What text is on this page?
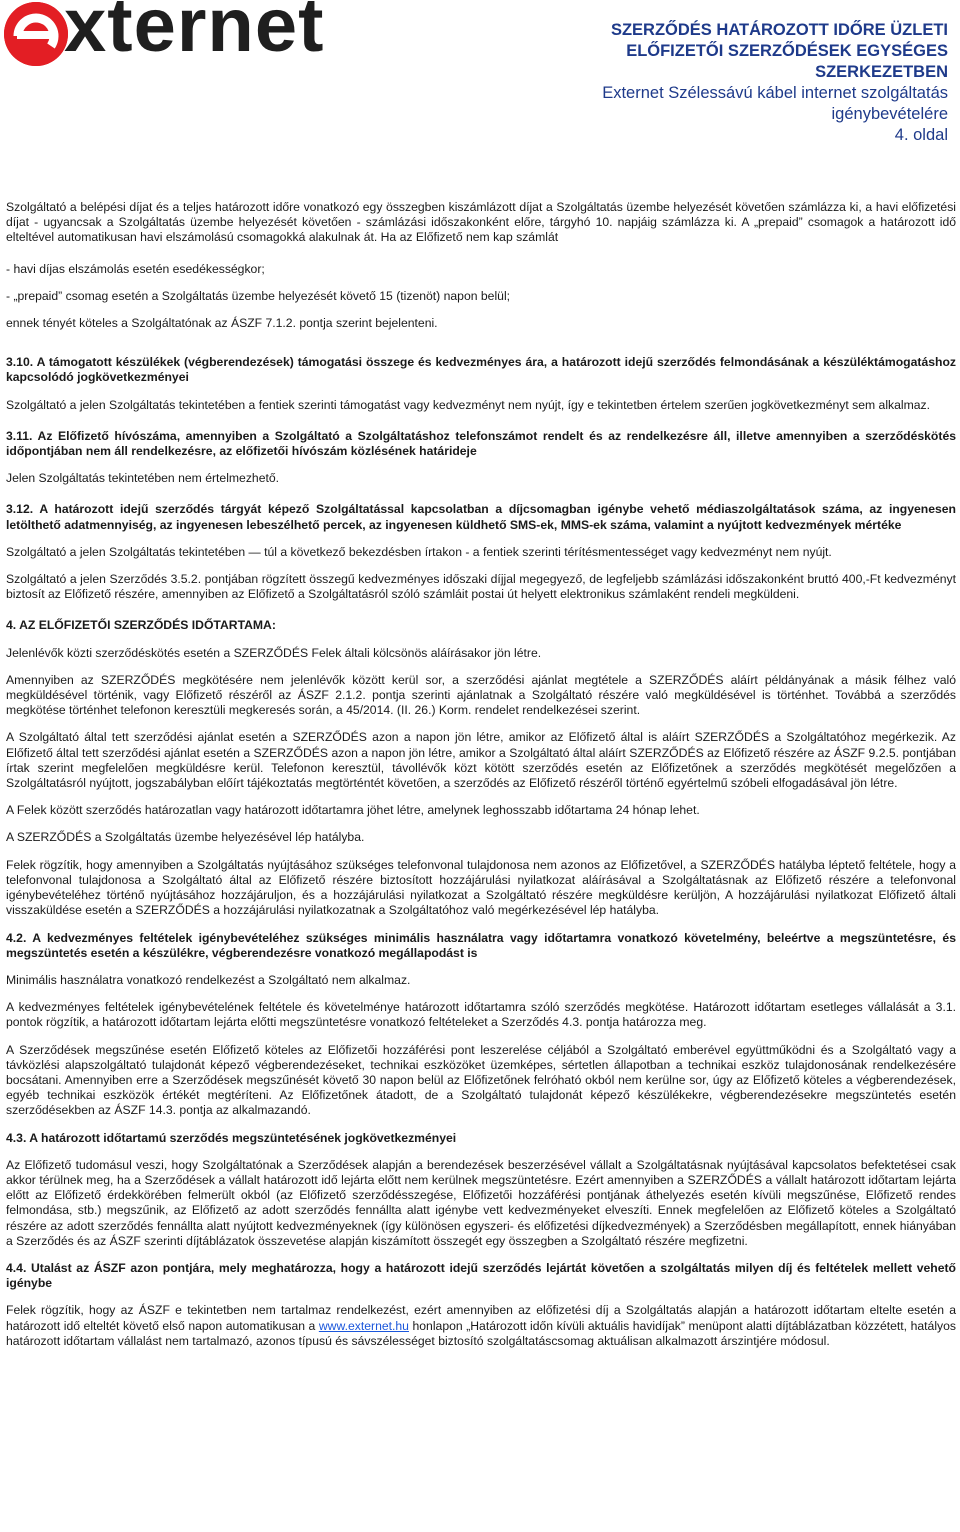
xternet	SZERZŐDÉS HATÁROZOTT IDŐRE ÜZLETI
ELŐFIZETŐI SZERZŐDÉSEK EGYSÉGES
SZERKEZETBEN
Externet Szélessávú kábel internet szolgáltatás
igénybevételére
4. oldal

Szolgáltató a belépési díjat és a teljes határozott időre vonatkozó egy összegben kiszámlázott díjat a Szolgáltatás üzembe helyezését követően számlázza ki, a havi előfizetési díjat - ugyancsak a Szolgáltatás üzembe helyezését követően - számlázási időszakonként előre, tárgyhó 10. napjáig számlázza ki. A „prepaid” csomagok a határozott idő elteltével automatikusan havi elszámolású csomagokká alakulnak át. Ha az Előfizető nem kap számlát

- havi díjas elszámolás esetén esedékességkor;

- „prepaid” csomag esetén a Szolgáltatás üzembe helyezését követő 15 (tizenöt) napon belül;

ennek tényét köteles a Szolgáltatónak az ÁSZF 7.1.2. pontja szerint bejelenteni.

3.10. A támogatott készülékek (végberendezések) támogatási összege és kedvezményes ára, a határozott idejű szerződés felmondásának a készüléktámogatáshoz kapcsolódó jogkövetkezményei

Szolgáltató a jelen Szolgáltatás tekintetében a fentiek szerinti támogatást vagy kedvezményt nem nyújt, így e tekintetben értelem szerűen jogkövetkezményt sem alkalmaz.

3.11. Az Előfizető hívószáma, amennyiben a Szolgáltató a Szolgáltatáshoz telefonszámot rendelt és az rendelkezésre áll, illetve amennyiben a szerződéskötés időpontjában nem áll rendelkezésre, az előfizetői hívószám közlésének határideje

Jelen Szolgáltatás tekintetében nem értelmezhető.

3.12. A határozott idejű szerződés tárgyát képező Szolgáltatással kapcsolatban a díjcsomagban igénybe vehető médiaszolgáltatások száma, az ingyenesen letölthető adatmennyiség, az ingyenesen lebeszélhető percek, az ingyenesen küldhető SMS-ek, MMS-ek száma, valamint a nyújtott kedvezmények mértéke

Szolgáltató a jelen Szolgáltatás tekintetében — túl a következő bekezdésben írtakon - a fentiek szerinti térítésmentességet vagy kedvezményt nem nyújt.

Szolgáltató a jelen Szerződés 3.5.2. pontjában rögzített összegű kedvezményes időszaki díjjal megegyező, de legfeljebb számlázási időszakonként bruttó 400,-Ft kedvezményt biztosít az Előfizető részére, amennyiben az Előfizető a Szolgáltatásról szóló számláit postai út helyett elektronikus számlaként rendeli megküldeni.

4. AZ ELŐFIZETŐI SZERZŐDÉS IDŐTARTAMA:

Jelenlévők közti szerződéskötés esetén a SZERZŐDÉS Felek általi kölcsönös aláírásakor jön létre.

Amennyiben az SZERZŐDÉS megkötésére nem jelenlévők között kerül sor, a szerződési ajánlat megtétele a SZERZŐDÉS aláírt példányának a másik félhez való megküldésével történik, vagy Előfizető részéről az ÁSZF 2.1.2. pontja szerinti ajánlatnak a Szolgáltató részére való megküldésével is történhet. Továbbá a szerződés megkötése történhet telefonon keresztüli megkeresés során, a 45/2014. (II. 26.) Korm. rendelet rendelkezései szerint.

A Szolgáltató által tett szerződési ajánlat esetén a SZERZŐDÉS azon a napon jön létre, amikor az Előfizető által is aláírt SZERZŐDÉS a Szolgáltatóhoz megérkezik. Az Előfizető által tett szerződési ajánlat esetén a SZERZŐDÉS azon a napon jön létre, amikor a Szolgáltató által aláírt SZERZŐDÉS az Előfizető részére az ÁSZF 9.2.5. pontjában írtak szerint megfelelően megküldésre kerül. Telefonon keresztül, távollévők közt kötött szerződés esetén az Előfizetőnek a szerződés megkötését megelőzően a Szolgáltatásról nyújtott, jogszabályban előírt tájékoztatás megtörténtét követően, a szerződés az Előfizető részéről történő egyértelmű szóbeli elfogadásával jön létre.

A Felek között szerződés határozatlan vagy határozott időtartamra jöhet létre, amelynek leghosszabb időtartama 24 hónap lehet.

A SZERZŐDÉS a Szolgáltatás üzembe helyezésével lép hatályba.

Felek rögzítik, hogy amennyiben a Szolgáltatás nyújtásához szükséges telefonvonal tulajdonosa nem azonos az Előfizetővel, a SZERZŐDÉS hatályba léptető feltétele, hogy a telefonvonal tulajdonosa a Szolgáltató által az Előfizető részére biztosított hozzájárulási nyilatkozat aláírásával a Szolgáltatásnak az Előfizető részére a telefonvonal igénybevételéhez történő nyújtásához hozzájáruljon, és a hozzájárulási nyilatkozat a Szolgáltató részére megküldésre kerüljön, A hozzájárulási nyilatkozat Előfizető általi visszaküldése esetén a SZERZŐDÉS a hozzájárulási nyilatkozatnak a Szolgáltatóhoz való megérkezésével lép hatályba.

4.2. A kedvezményes feltételek igénybevételéhez szükséges minimális használatra vagy időtartamra vonatkozó követelmény, beleértve a megszüntetésre, és megszüntetés esetén a készülékre, végberendezésre vonatkozó megállapodást is

Minimális használatra vonatkozó rendelkezést a Szolgáltató nem alkalmaz.

A kedvezményes feltételek igénybevételének feltétele és követelménye határozott időtartamra szóló szerződés megkötése. Határozott időtartam esetleges vállalását a 3.1. pontok rögzítik, a határozott időtartam lejárta előtti megszüntetésre vonatkozó feltételeket a Szerződés 4.3. pontja határozza meg.

A Szerződések megszűnése esetén Előfizető köteles az Előfizetői hozzáférési pont leszerelése céljából a Szolgáltató emberével együttműködni és a Szolgáltató vagy a távközlési alapszolgáltató tulajdonát képező végberendezéseket, technikai eszközöket üzemképes, sértetlen állapotban a technikai eszköz tulajdonosának rendelkezésére bocsátani. Amennyiben erre a Szerződések megszűnését követő 30 napon belül az Előfizetőnek felróható okból nem kerülne sor, úgy az Előfizető köteles a végberendezések, egyéb technikai eszközök értékét megtéríteni. Az Előfizetőnek átadott, de a Szolgáltató tulajdonát képező készülékekre, végberendezésekre megszüntetés esetén szerződésekben az ÁSZF 14.3. pontja az alkalmazandó.

4.3. A határozott időtartamú szerződés megszüntetésének jogkövetkezményei

Az Előfizető tudomásul veszi, hogy Szolgáltatónak a Szerződések alapján a berendezések beszerzésével vállalt a Szolgáltatásnak nyújtásával kapcsolatos befektetései csak akkor térülnek meg, ha a Szerződések a vállalt határozott idő lejárta előtt nem kerülnek megszüntetésre. Ezért amennyiben a SZERZŐDÉS a vállalt határozott időtartam lejárta előtt az Előfizető érdekkörében felmerült okból (az Előfizető szerződésszegése, Előfizetői hozzáférési pontjának áthelyezés esetén kívüli megszűnése, Előfizető rendes felmondása, stb.) megszűnik, az Előfizető az adott szerződés fennállta alatt igénybe vett kedvezményeket elveszíti. Ennek megfelelően az Előfizető köteles a Szolgáltató részére az adott szerződés fennállta alatt nyújtott kedvezményeknek (így különösen egyszeri- és előfizetési díjkedvezmények) a Szerződésben megállapított, ennek hiányában a Szerződés és az ÁSZF szerinti díjtáblázatok összevetése alapján kiszámított összegét egy összegben a Szolgáltató részére megfizetni.

4.4. Utalást az ÁSZF azon pontjára, mely meghatározza, hogy a határozott idejű szerződés lejártát követően a szolgáltatás milyen díj és feltételek mellett vehető igénybe

Felek rögzítik, hogy az ÁSZF e tekintetben nem tartalmaz rendelkezést, ezért amennyiben az előfizetési díj a Szolgáltatás alapján a határozott időtartam eltelte esetén a határozott idő elteltét követő első napon automatikusan a www.externet.hu honlapon „Határozott időn kívüli aktuális havidíjak” menüpont alatti díjtáblázatban közzétett, hatályos határozott időtartam vállalást nem tartalmazó, azonos típusú és sávszélességet biztosító szolgáltatáscsomag aktuálisan alkalmazott árszintjére módosul.
